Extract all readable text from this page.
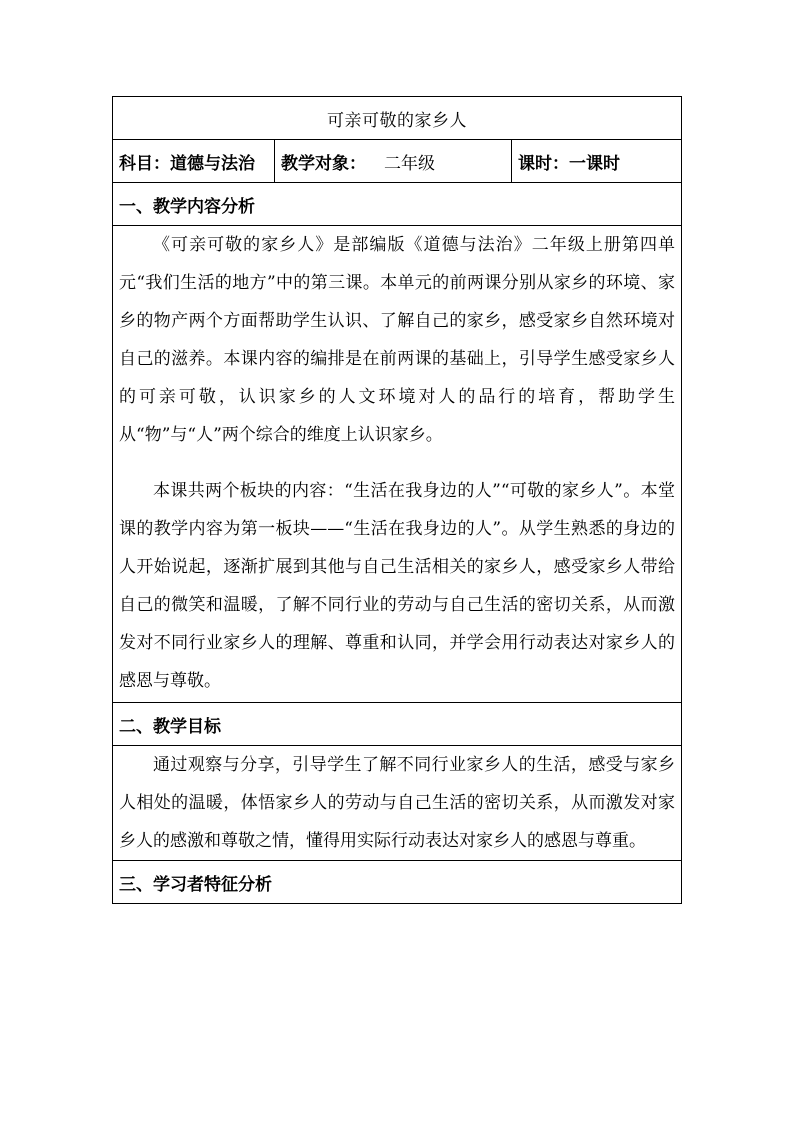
可亲可敬的家乡人
科目：道德与法治	教学对象： 二年级	课时：一课时
一、教学内容分析

《可亲可敬的家乡人》是部编版《道德与法治》二年级上册第四单元“我们生活的地方”中的第三课。本单元的前两课分别从家乡的环境、家乡的物产两个方面帮助学生认识、了解自己的家乡，感受家乡自然环境对自己的滋养。本课内容的编排是在前两课的基础上，引导学生感受家乡人的可亲可敬，认识家乡的人文环境对人的品行的培育，帮助学生从“物”与“人”两个综合的维度上认识家乡。

本课共两个板块的内容：“生活在我身边的人”“可敬的家乡人”。本堂课的教学内容为第一板块——“生活在我身边的人”。从学生熟悉的身边的人开始说起，逐渐扩展到其他与自己生活相关的家乡人，感受家乡人带给自己的微笑和温暖，了解不同行业的劳动与自己生活的密切关系，从而激发对不同行业家乡人的理解、尊重和认同，并学会用行动表达对家乡人的感恩与尊敬。

二、教学目标

通过观察与分享，引导学生了解不同行业家乡人的生活，感受与家乡人相处的温暖，体悟家乡人的劳动与自己生活的密切关系，从而激发对家乡人的感激和尊敬之情，懂得用实际行动表达对家乡人的感恩与尊重。

三、学习者特征分析
